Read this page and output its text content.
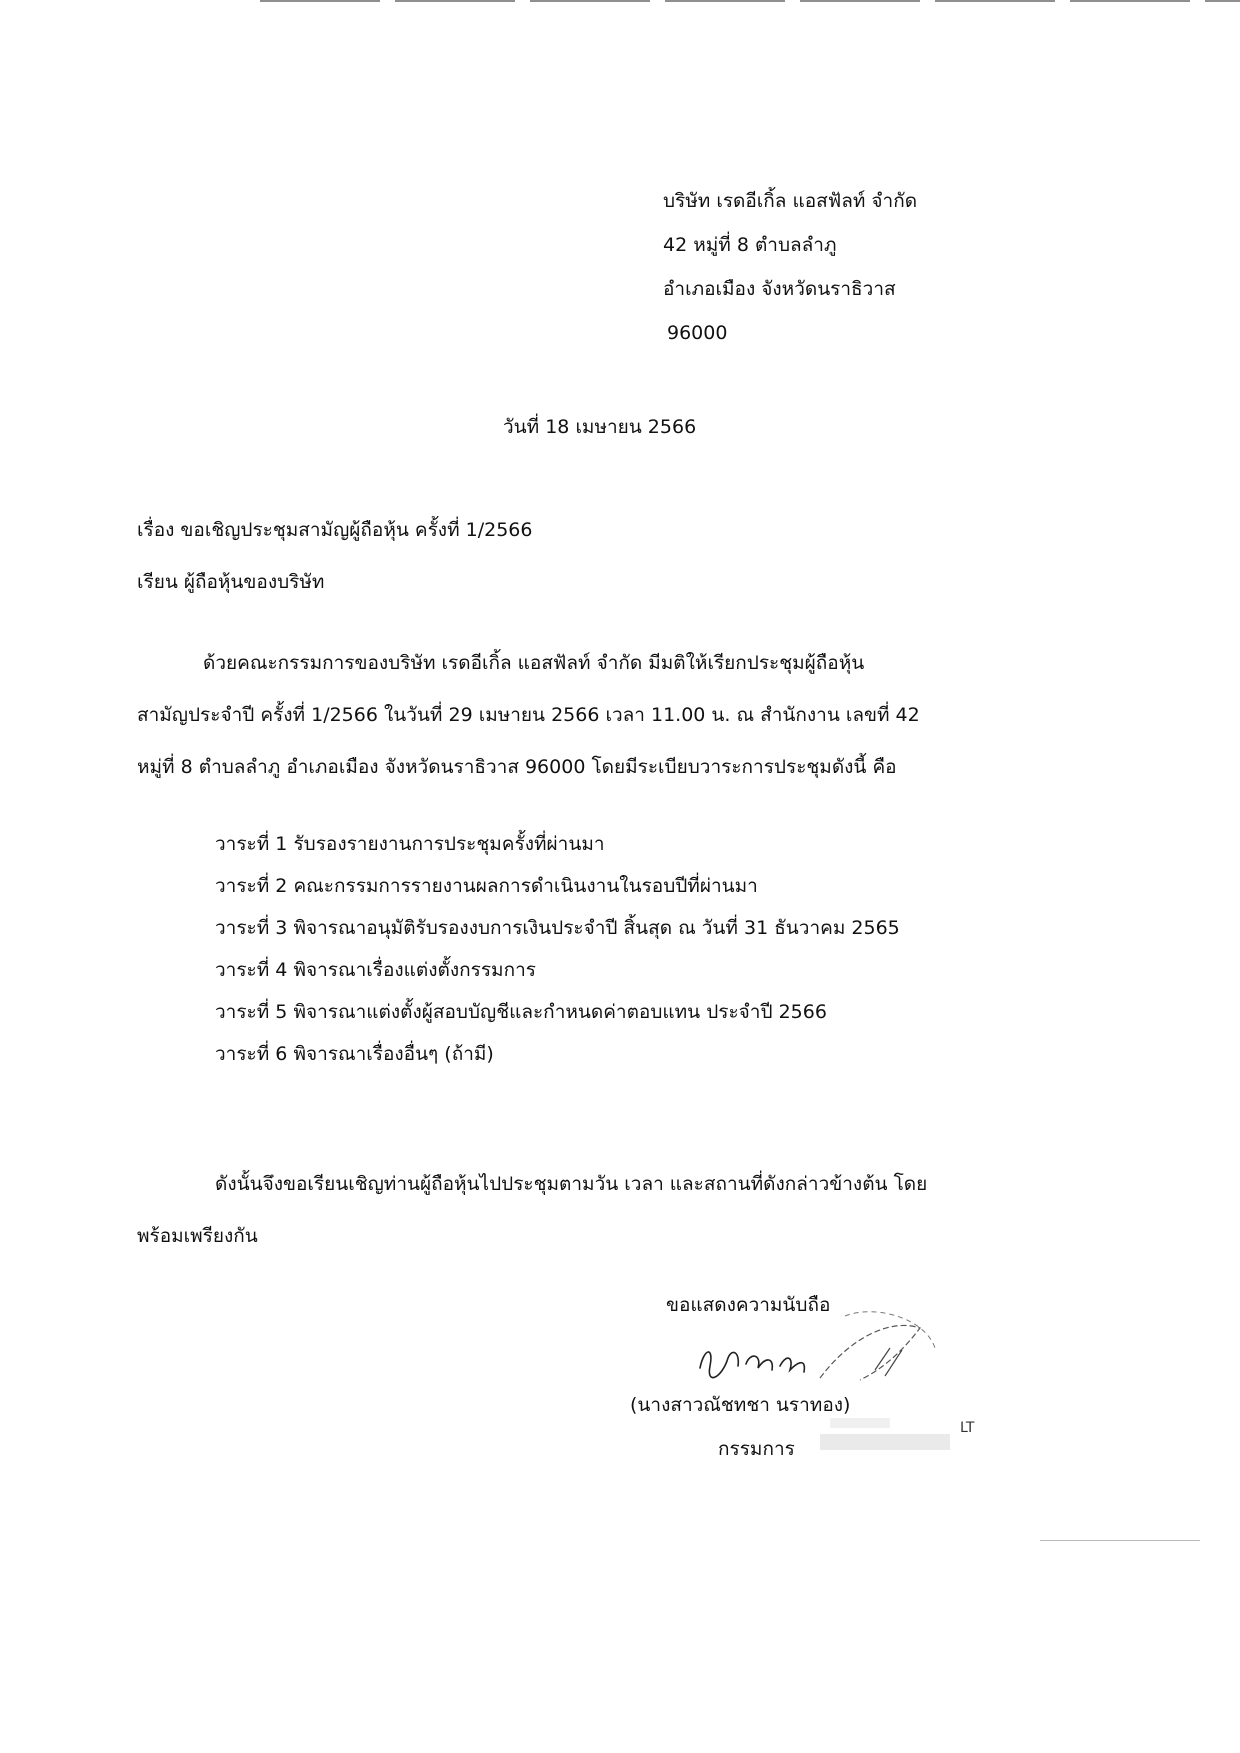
บริษัท เรดอีเกิ้ล แอสฟัลท์ จำกัด
42 หมู่ที่ 8 ตำบลลำภู
อำเภอเมือง จังหวัดนราธิวาส
96000
วันที่ 18 เมษายน 2566
เรื่อง ขอเชิญประชุมสามัญผู้ถือหุ้น ครั้งที่ 1/2566
เรียน ผู้ถือหุ้นของบริษัท
ด้วยคณะกรรมการของบริษัท เรดอีเกิ้ล แอสฟัลท์ จำกัด มีมติให้เรียกประชุมผู้ถือหุ้น
สามัญประจำปี ครั้งที่ 1/2566 ในวันที่ 29 เมษายน 2566 เวลา 11.00 น. ณ สำนักงาน เลขที่ 42
หมู่ที่ 8 ตำบลลำภู อำเภอเมือง จังหวัดนราธิวาส 96000 โดยมีระเบียบวาระการประชุมดังนี้ คือ
วาระที่ 1 รับรองรายงานการประชุมครั้งที่ผ่านมา
วาระที่ 2 คณะกรรมการรายงานผลการดำเนินงานในรอบปีที่ผ่านมา
วาระที่ 3 พิจารณาอนุมัติรับรองงบการเงินประจำปี สิ้นสุด ณ วันที่ 31 ธันวาคม 2565
วาระที่ 4 พิจารณาเรื่องแต่งตั้งกรรมการ
วาระที่ 5 พิจารณาแต่งตั้งผู้สอบบัญชีและกำหนดค่าตอบแทน ประจำปี 2566
วาระที่ 6 พิจารณาเรื่องอื่นๆ (ถ้ามี)
ดังนั้นจึงขอเรียนเชิญท่านผู้ถือหุ้นไปประชุมตามวัน เวลา และสถานที่ดังกล่าวข้างต้น โดย
พร้อมเพรียงกัน
ขอแสดงความนับถือ
(นางสาวณัชทชา นราทอง)
LT
กรรมการ
